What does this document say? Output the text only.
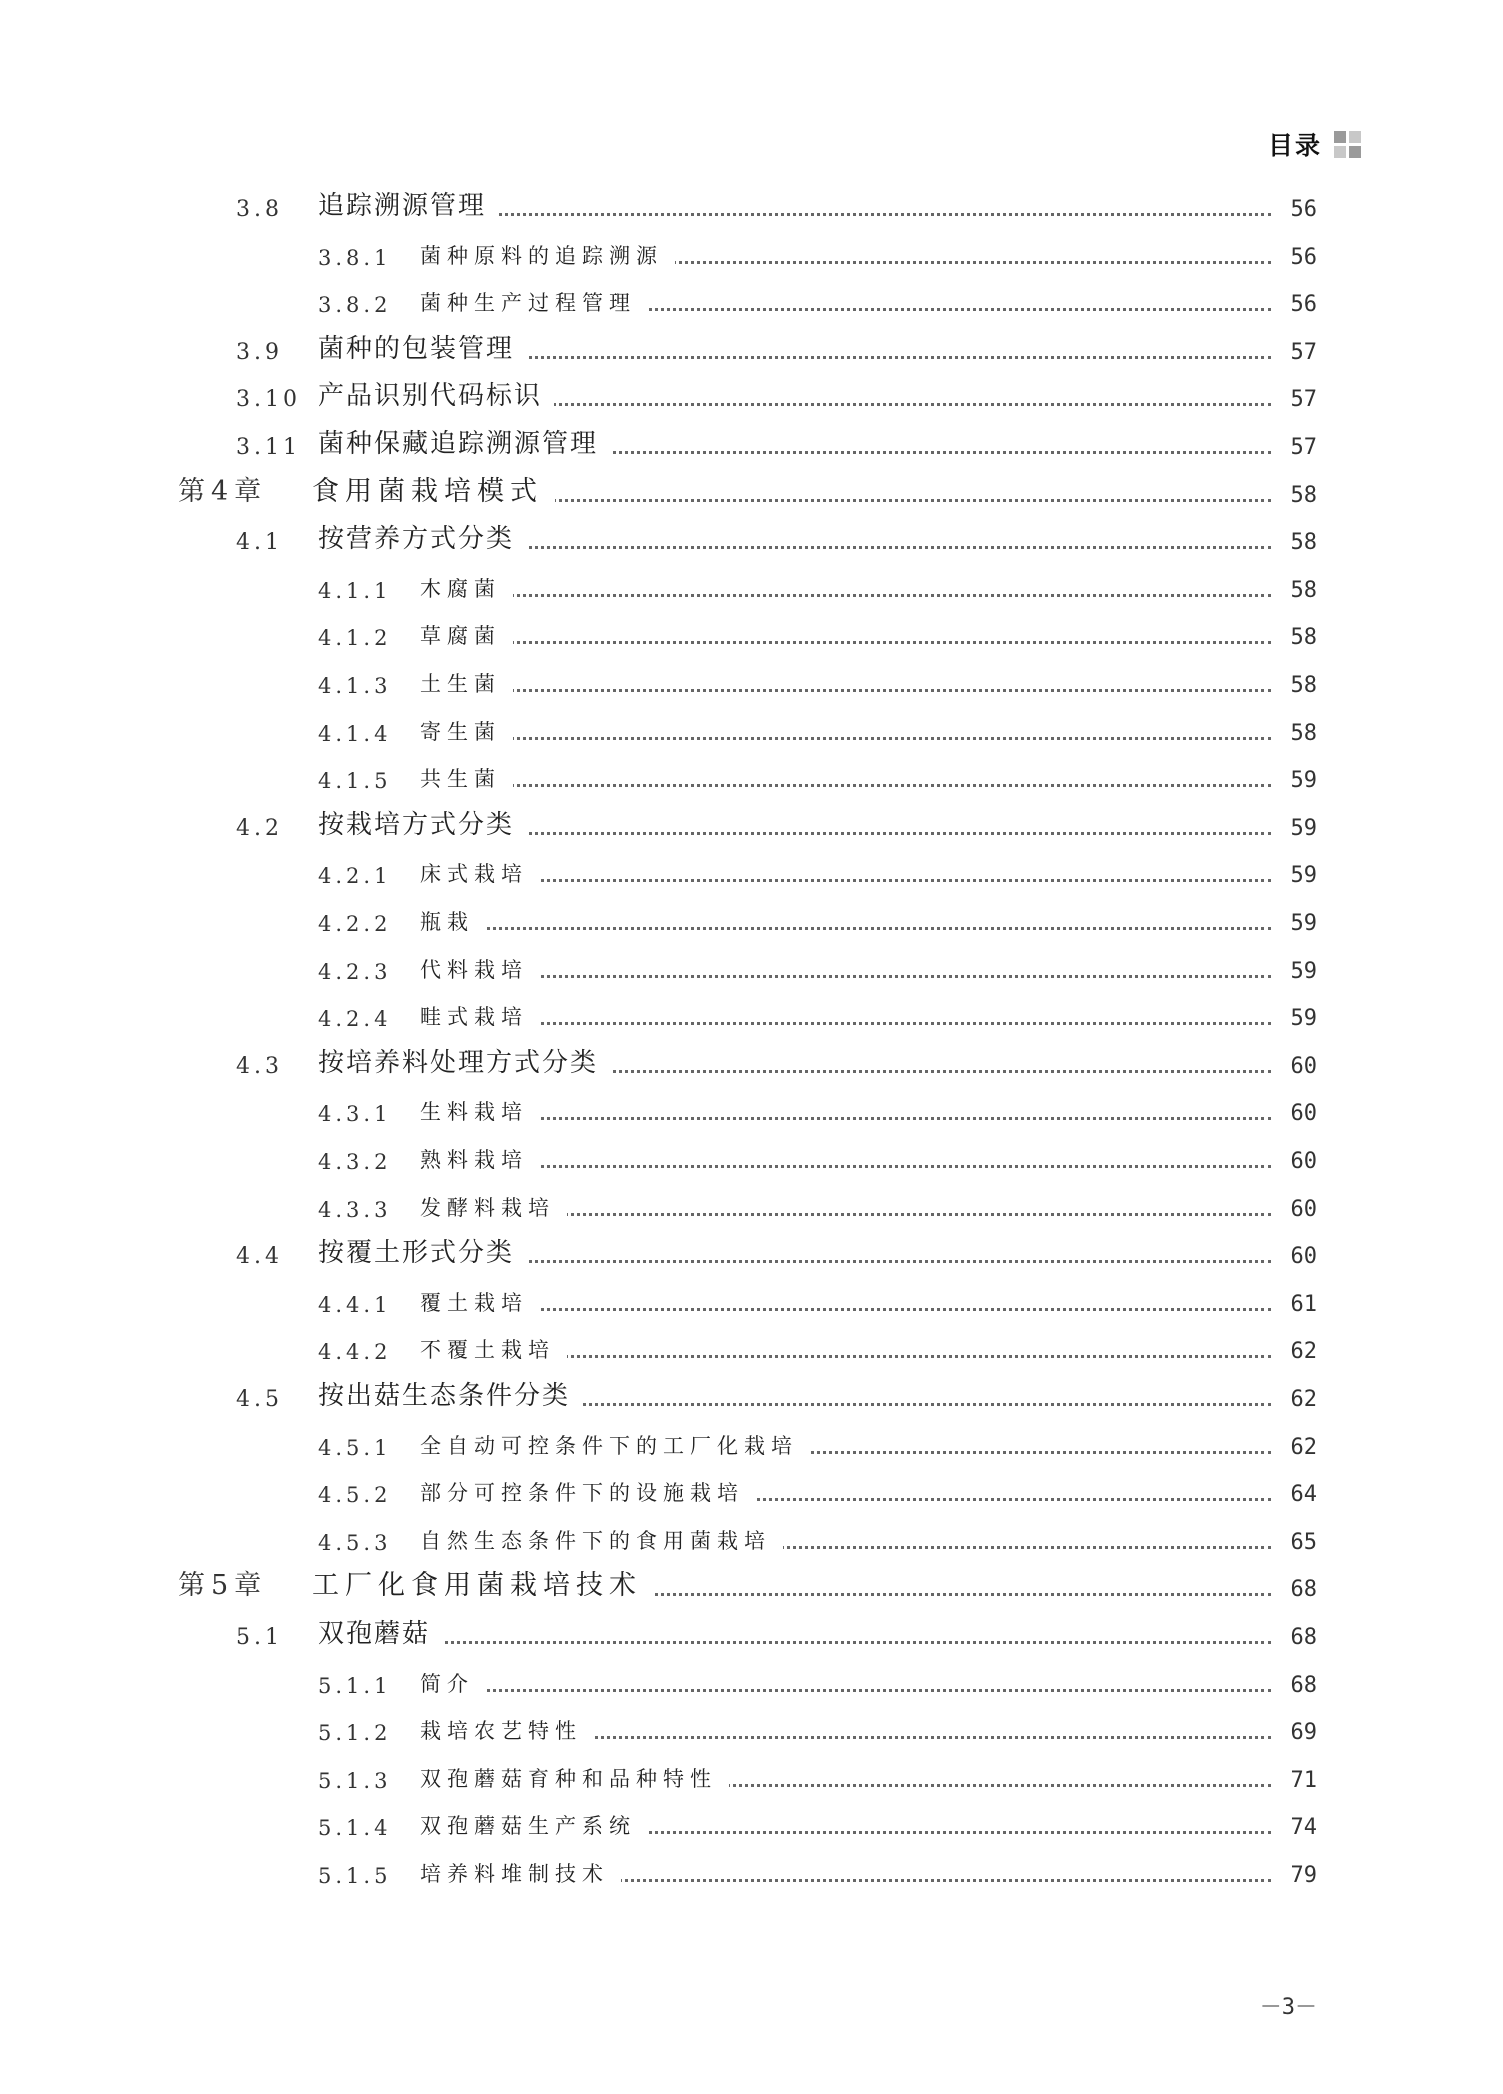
目录
3.8 追踪溯源管理	56
3.8.1 菌种原料的追踪溯源	56
3.8.2 菌种生产过程管理	56
3.9 菌种的包装管理	57
3.10 产品识别代码标识	57
3.11 菌种保藏追踪溯源管理	57
第4章 食用菌栽培模式	58
4.1 按营养方式分类	58
4.1.1 木腐菌	58
4.1.2 草腐菌	58
4.1.3 土生菌	58
4.1.4 寄生菌	58
4.1.5 共生菌	59
4.2 按栽培方式分类	59
4.2.1 床式栽培	59
4.2.2 瓶栽	59
4.2.3 代料栽培	59
4.2.4 畦式栽培	59
4.3 按培养料处理方式分类	60
4.3.1 生料栽培	60
4.3.2 熟料栽培	60
4.3.3 发酵料栽培	60
4.4 按覆土形式分类	60
4.4.1 覆土栽培	61
4.4.2 不覆土栽培	62
4.5 按出菇生态条件分类	62
4.5.1 全自动可控条件下的工厂化栽培	62
4.5.2 部分可控条件下的设施栽培	64
4.5.3 自然生态条件下的食用菌栽培	65
第5章 工厂化食用菌栽培技术	68
5.1 双孢蘑菇	68
5.1.1 简介	68
5.1.2 栽培农艺特性	69
5.1.3 双孢蘑菇育种和品种特性	71
5.1.4 双孢蘑菇生产系统	74
5.1.5 培养料堆制技术	79
－3－
